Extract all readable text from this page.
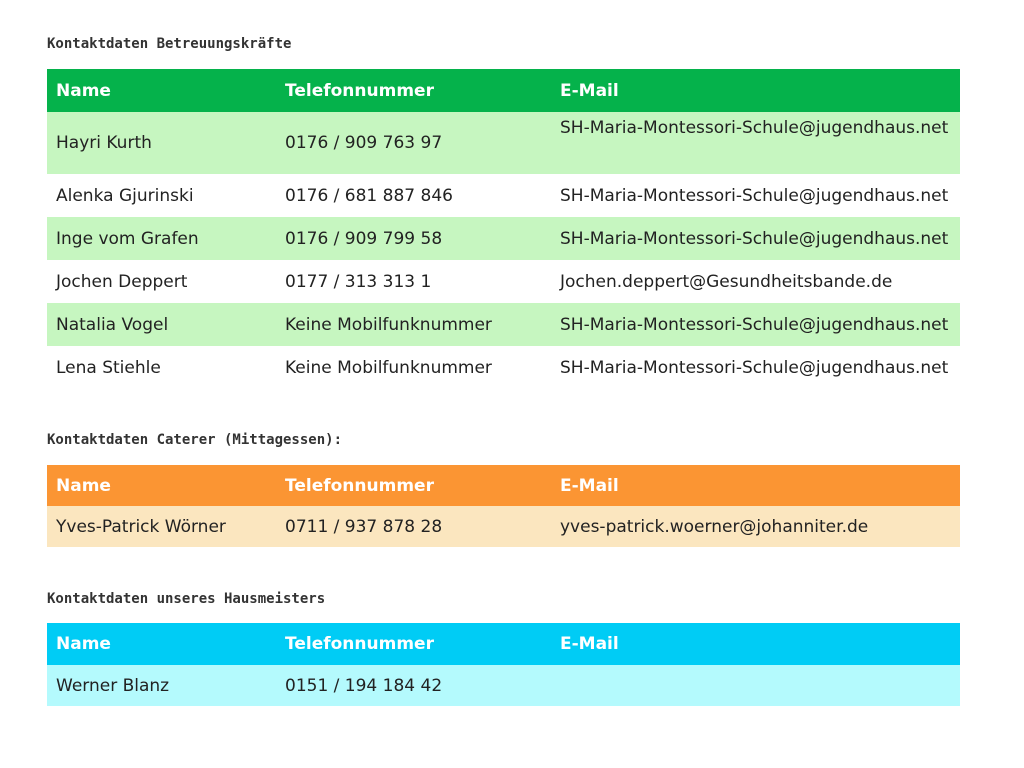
Kontaktdaten Betreuungskräfte
Name	Telefonnummer	E-Mail
Hayri Kurth	0176 / 909 763 97	SH-Maria-Montessori-Schule@jugendhaus.net
Alenka Gjurinski	0176 / 681 887 846	SH-Maria-Montessori-Schule@jugendhaus.net
Inge vom Grafen	0176 / 909 799 58	SH-Maria-Montessori-Schule@jugendhaus.net
Jochen Deppert	0177 / 313 313 1	Jochen.deppert@Gesundheitsbande.de
Natalia Vogel	Keine Mobilfunknummer	SH-Maria-Montessori-Schule@jugendhaus.net
Lena Stiehle	Keine Mobilfunknummer	SH-Maria-Montessori-Schule@jugendhaus.net
Kontaktdaten Caterer (Mittagessen):
Name	Telefonnummer	E-Mail
Yves-Patrick Wörner	0711 / 937 878 28	yves-patrick.woerner@johanniter.de
Kontaktdaten unseres Hausmeisters
Name	Telefonnummer	E-Mail
Werner Blanz	0151 / 194 184 42	
